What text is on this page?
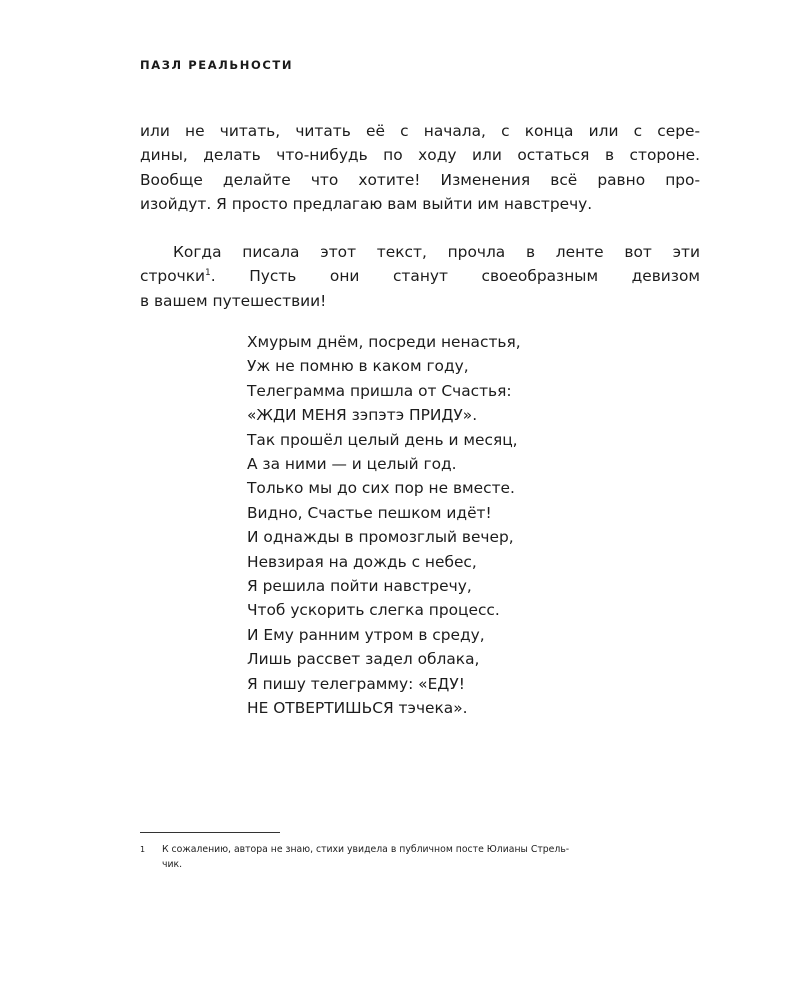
ПАЗЛ РЕАЛЬНОСТИ

или не читать, читать её с начала, с конца или с сере-
дины, делать что-нибудь по ходу или остаться в стороне.
Вообще делайте что хотите! Изменения всё равно про-
изойдут. Я просто предлагаю вам выйти им навстречу.

Когда писала этот текст, прочла в ленте вот эти
строчки$^1$. Пусть они станут своеобразным девизом
в вашем путешествии!

Хмурым днём, посреди ненастья,
Уж не помню в каком году,
Телеграмма пришла от Счастья:
«ЖДИ МЕНЯ зэпэтэ ПРИДУ».
Так прошёл целый день и месяц,
А за ними — и целый год.
Только мы до сих пор не вместе.
Видно, Счастье пешком идёт!
И однажды в промозглый вечер,
Невзирая на дождь с небес,
Я решила пойти навстречу,
Чтоб ускорить слегка процесс.
И Ему ранним утром в среду,
Лишь рассвет задел облака,
Я пишу телеграмму: «ЕДУ!
НЕ ОТВЕРТИШЬСЯ тэчека».
1 К сожалению, автора не знаю, стихи увидела в публичном посте Юлианы Стрель-
чик.
